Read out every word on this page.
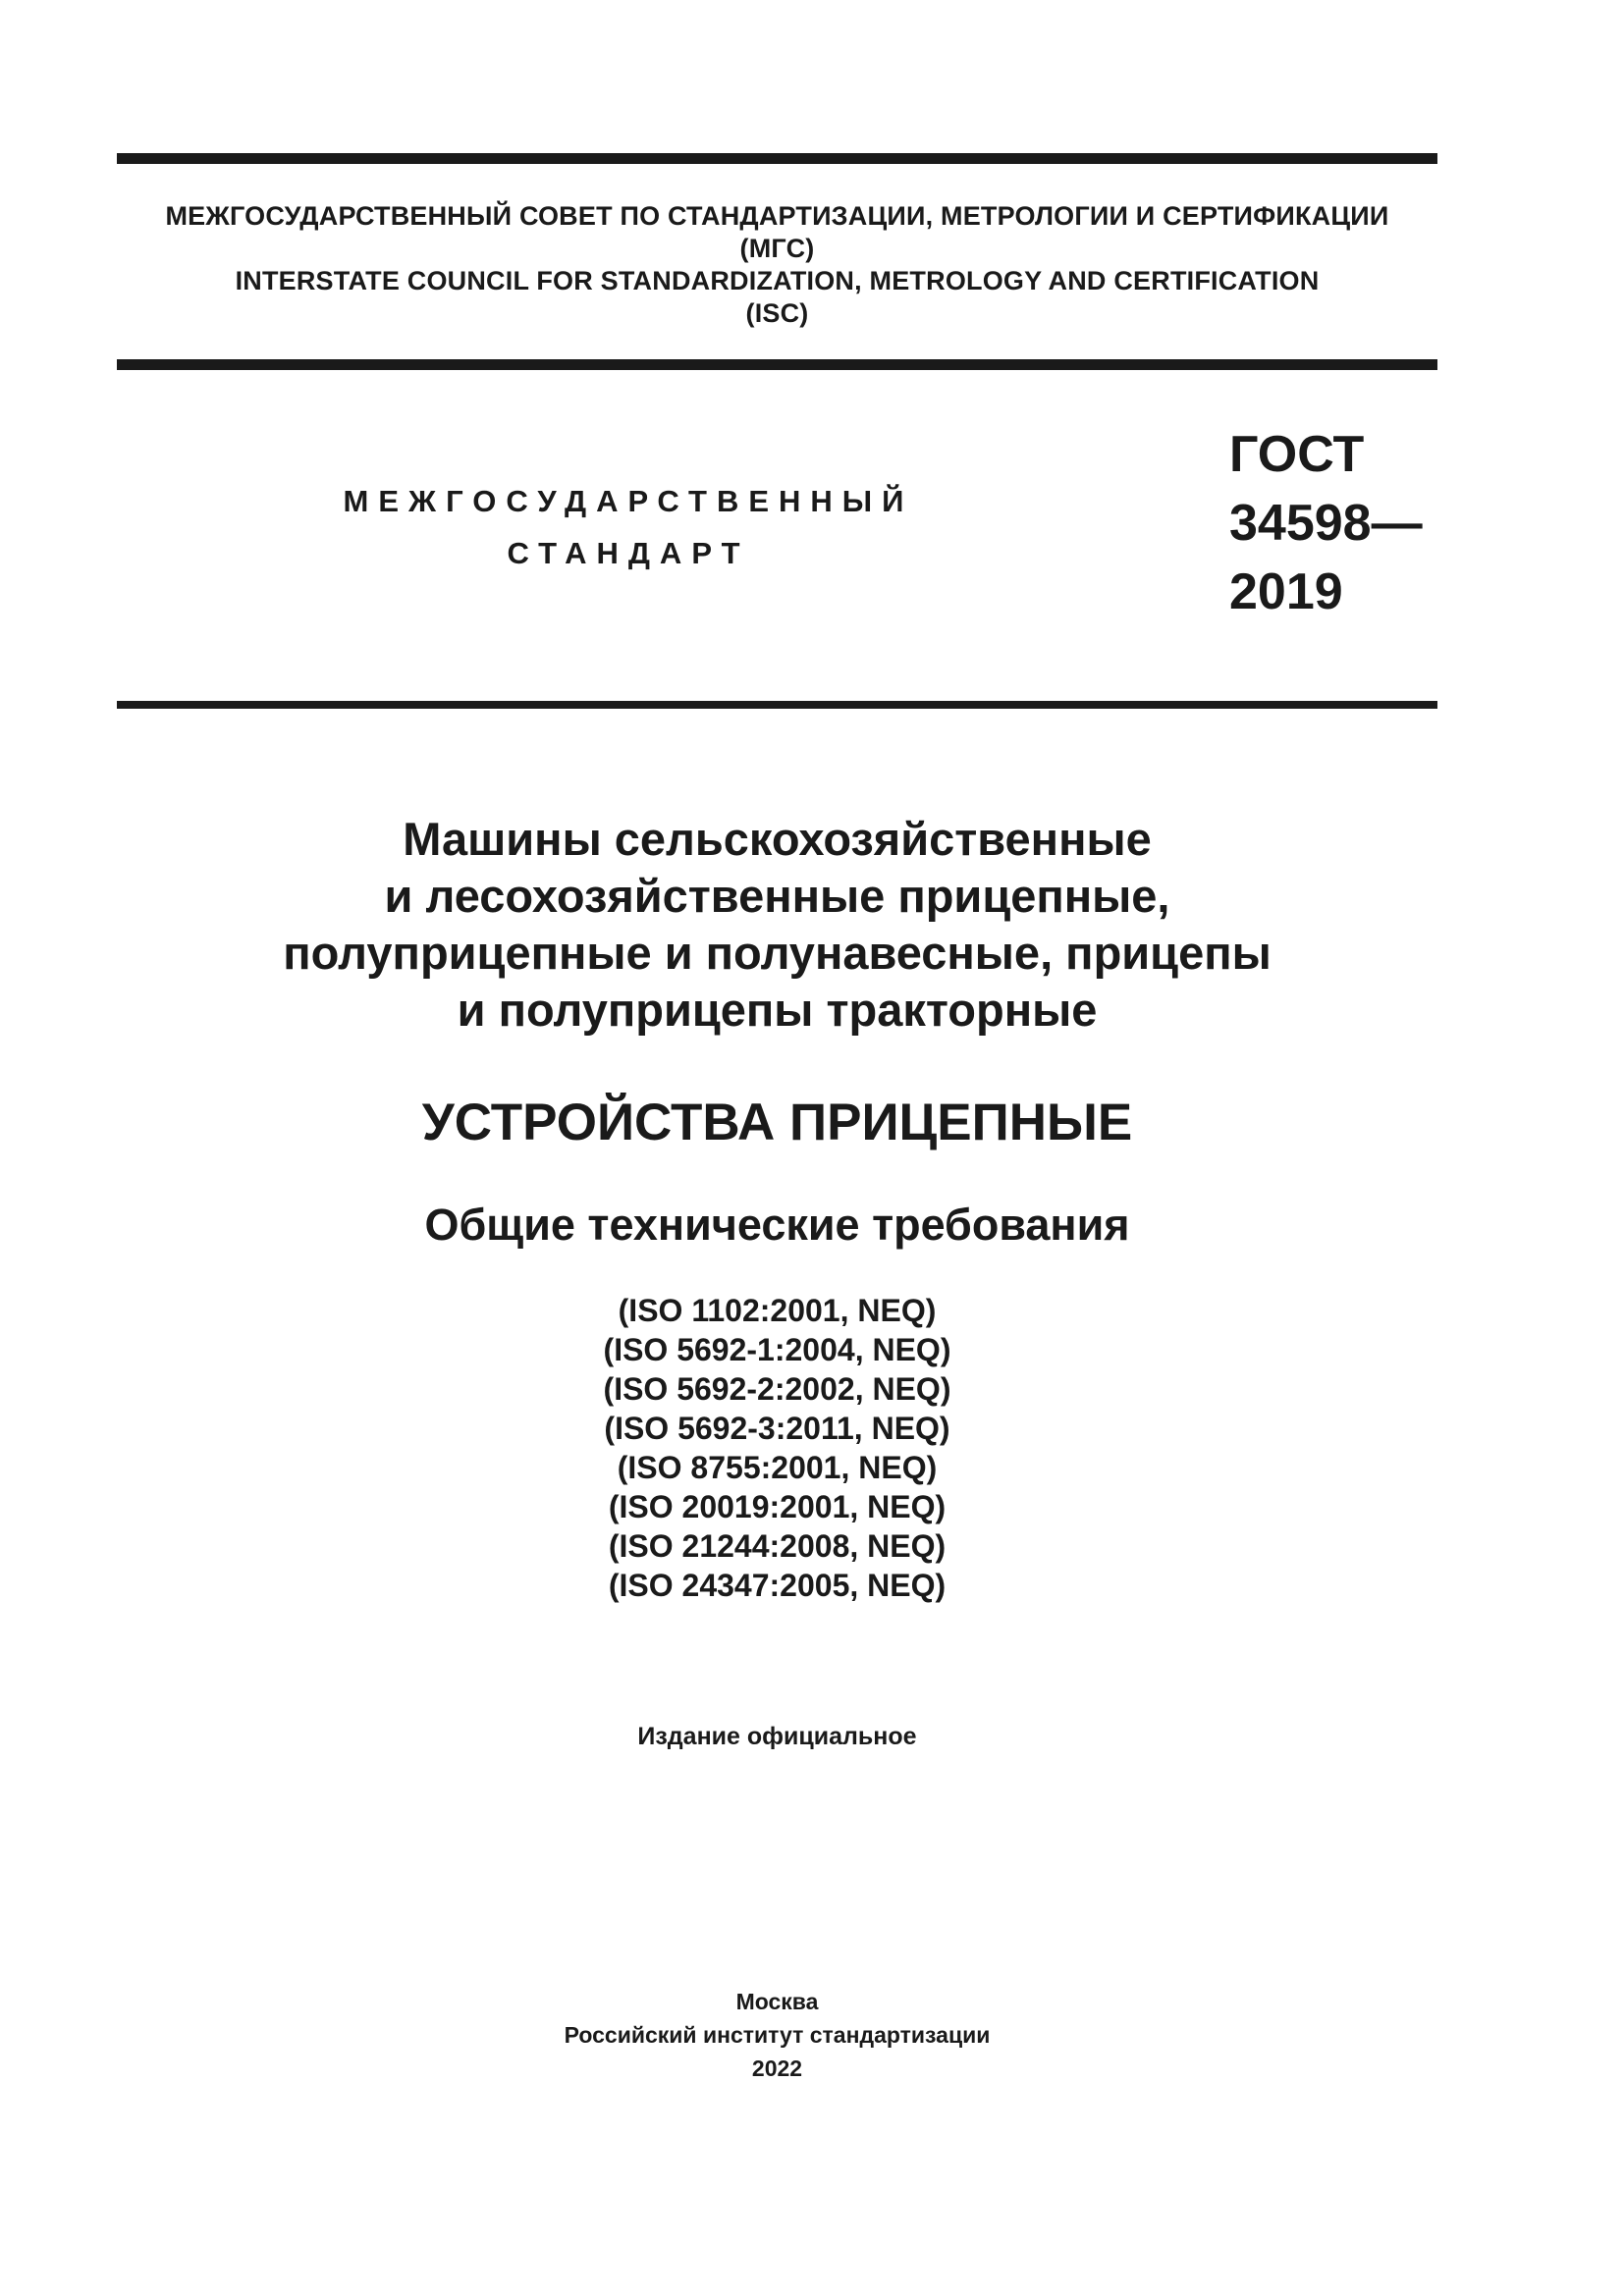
МЕЖГОСУДАРСТВЕННЫЙ СОВЕТ ПО СТАНДАРТИЗАЦИИ, МЕТРОЛОГИИ И СЕРТИФИКАЦИИ
(МГС)
INTERSTATE COUNCIL FOR STANDARDIZATION, METROLOGY AND CERTIFICATION
(ISC)
МЕЖГОСУДАРСТВЕННЫЙ
СТАНДАРТ
ГОСТ
34598—
2019
Машины сельскохозяйственные
и лесохозяйственные прицепные,
полуприцепные и полунавесные, прицепы
и полуприцепы тракторные
УСТРОЙСТВА ПРИЦЕПНЫЕ
Общие технические требования
(ISO 1102:2001, NEQ)
(ISO 5692-1:2004, NEQ)
(ISO 5692-2:2002, NEQ)
(ISO 5692-3:2011, NEQ)
(ISO 8755:2001, NEQ)
(ISO 20019:2001, NEQ)
(ISO 21244:2008, NEQ)
(ISO 24347:2005, NEQ)
Издание официальное
Москва
Российский институт стандартизации
2022
